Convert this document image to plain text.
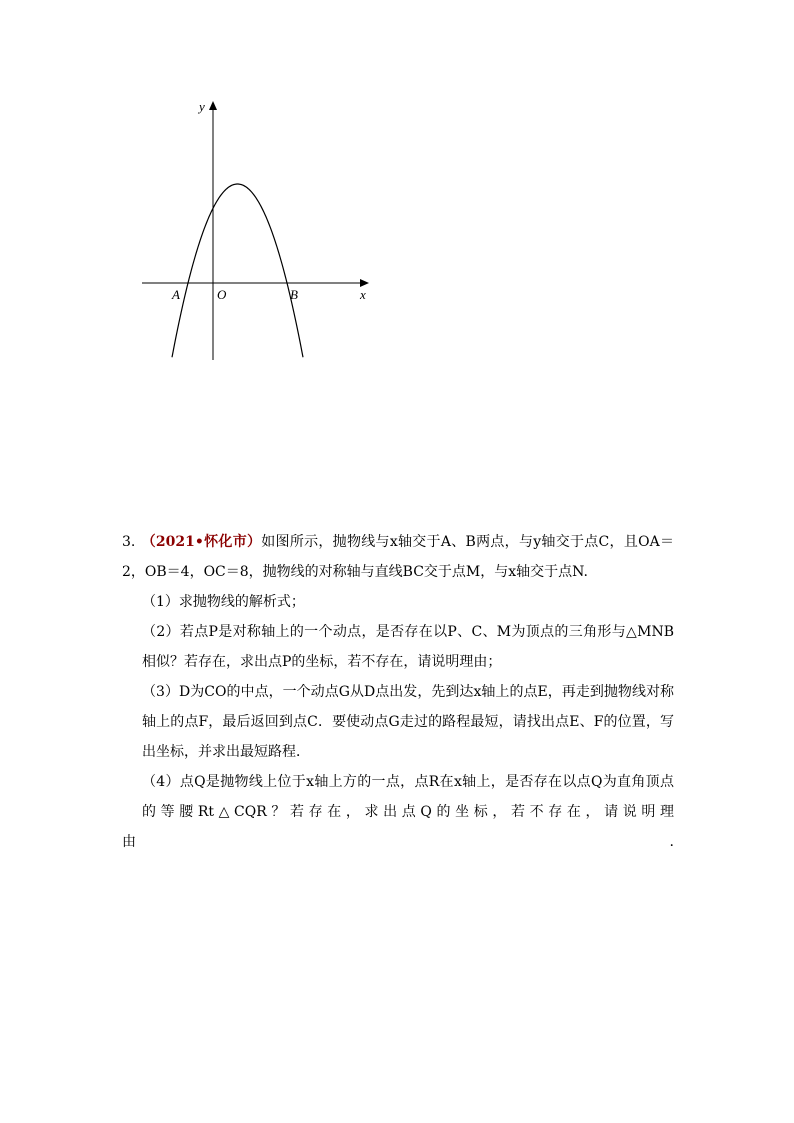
y
x
A	O	B

3. （2021•怀化市）如图所示，抛物线与x轴交于A、B两点，与y轴交于点C，且OA＝2，OB＝4，OC＝8，抛物线的对称轴与直线BC交于点M，与x轴交于点N.

（1）求抛物线的解析式；

（2）若点P是对称轴上的一个动点，是否存在以P、C、M为顶点的三角形与△MNB相似？若存在，求出点P的坐标，若不存在，请说明理由；

（3）D为CO的中点，一个动点G从D点出发，先到达x轴上的点E，再走到抛物线对称轴上的点F，最后返回到点C．要使动点G走过的路程最短，请找出点E、F的位置，写出坐标，并求出最短路程．

（4）点Q是抛物线上位于x轴上方的一点，点R在x轴上，是否存在以点Q为直角顶点的等腰Rt△CQR？若存在，求出点Q的坐标，若不存在，请说明理

由	.
